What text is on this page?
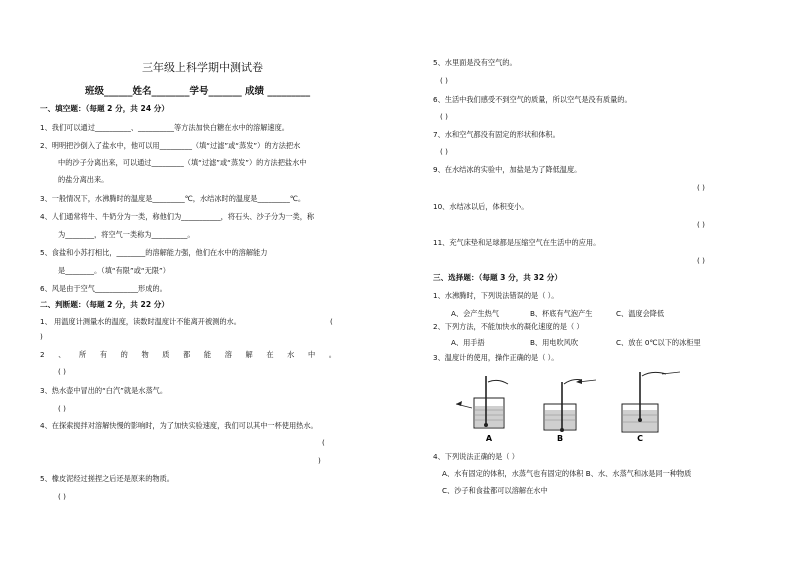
三年级上科学期中测试卷
班级______姓名________学号_______ 成绩 _________
一、填空题：（每题 2 分，共 24 分）
1、我们可以通过__________、__________等方法加快白糖在水中的溶解速度。
2、明明把沙倒入了盐水中，他可以用_________（填“过滤”或“蒸发”）的方法把水
中的沙子分离出来，可以通过_________（填“过滤”或“蒸发”）的方法把盐水中
的盐分离出来。
3、一般情况下，水沸腾时的温度是_________℃，水结冰时的温度是_________℃。
4、人们通常将牛、牛奶分为一类，称他们为___________，将石头、沙子分为一类，称
为________，将空气一类称为__________。
5、食盐和小苏打相比，________的溶解能力强，他们在水中的溶解能力
是________。（填“有限”或“无限”）
6、风是由于空气____________形成的。
二、判断题：（每题 2 分，共 22 分）
1、 用温度计测量水的温度，读数时温度计不能离开被测的水。	(
)
2 、 所 有 的 物 质 都 能 溶 解 在 水 中 。
( )
3、热水壶中冒出的“白汽”就是水蒸气。
( )
4、在探索搅拌对溶解快慢的影响时，为了加快实验速度，我们可以其中一杯使用热水。
(
)
5、橡皮泥经过搓捏之后还是原来的物质。
( )
5、水里面是没有空气的。
( )
6、生活中我们感受不到空气的质量，所以空气是没有质量的。
( )
7、水和空气都没有固定的形状和体积。
( )
9、在水结冰的实验中，加盐是为了降低温度。
( )
10、水结冰以后，体积变小。
( )
11、充气床垫和足球都是压缩空气在生活中的应用。
( )
三、选择题：（每题 3 分，共 32 分）
1、水沸腾时，下列说法错误的是（ ）。
A、会产生热气	B、杯底有气泡产生	C、温度会降低
2、下列方法，不能加快水的凝化速度的是（ ）
A、用手捂	B、用电吹风吹	C、放在 0℃以下的冰柜里
3、温度计的使用，操作正确的是（ ）。
A	B	C
4、下列说法正确的是（ ）
A、水有固定的体积，水蒸气也有固定的体积 B、水、水蒸气和冰是同一种物质
C、沙子和食盐都可以溶解在水中
